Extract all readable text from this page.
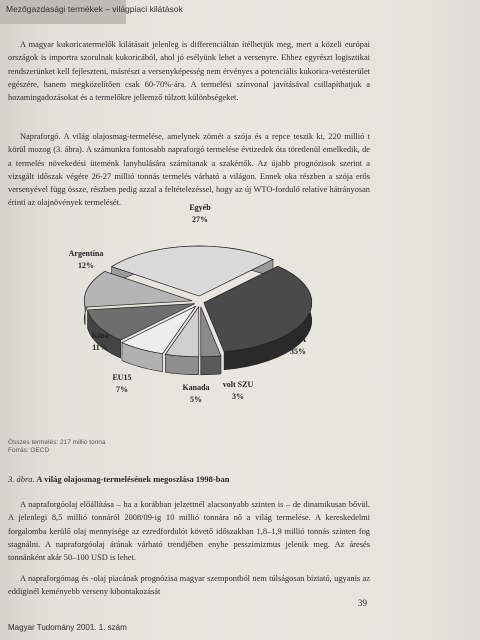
Mezőgazdasági termékek – világpiaci kilátások

A magyar kukoricatermelők kilátásait jelenleg is differenciáltan ítélhetjük meg, mert a közeli európai országok is importra szorulnak kukoricából, ahol jó esélyünk lehet a versenyre. Ehhez egyrészt logisztikai rendszerünket kell fejleszteni, másrészt a versenyképesség nem érvényes a potenciális kukorica-vetésterület egészére, hanem megközelítően csak 60-70%-ára. A termelési színvonal javításával csillapíthatjuk a hozamingadozásokat és a termelőkre jellemző túlzott különbségeket.

Napraforgó. A világ olajosmag-termelése, amelynek zömét a szója és a repce teszik ki, 220 millió t körül mozog (3. ábra). A számunkra fontosabb napraforgó termelése évtizedek óta töretlenül emelkedik, de a termelés növekedési üteménk lanyhulására számítanak a szakértők. Az újabb prognózisok szerint a vizsgált időszak végére 26-27 millió tonnás termelés várható a világon. Ennek oka részben a szója erős versenyével függ össze, részben pedig azzal a feltételezéssel, hogy az új WTO-forduló relatíve hátrányosan érinti az olajnövények termelését.

Egyéb
27%
USA
35%
volt SZU
3%
Kanada
5%
EU15
7%
Kína
11%
Argentína
12%
Összes termelés: 217 millió tonna
Forrás: OECD
3. ábra. A világ olajosmag-termelésének megoszlása 1998-ban

A napraforgóolaj előállítása – ha a korábban jelzettnél alacsonyabb szinten is – de dinamikusan bővül. A jelenlegi 8,5 millió tonnáról 2008/09-ig 10 millió tonnára nő a világ termelése. A kereskedelmi forgalomba kerülő olaj mennyisége az ezredfordulót követő időszakban 1,8–1,9 millió tonnás szinten fog stagnálni. A napraforgóolaj árának várható trendjében enyhe pesszimizmus jelenik meg. Az áresés tonnánként akár 50–100 USD is lehet.

A napraforgómag és -olaj piacának prognózisa magyar szempontból nem túlságosan biztató, ugyanis az eddiginél keményebb verseny kibontakozását

39
Magyar Tudomány 2001. 1. szám
